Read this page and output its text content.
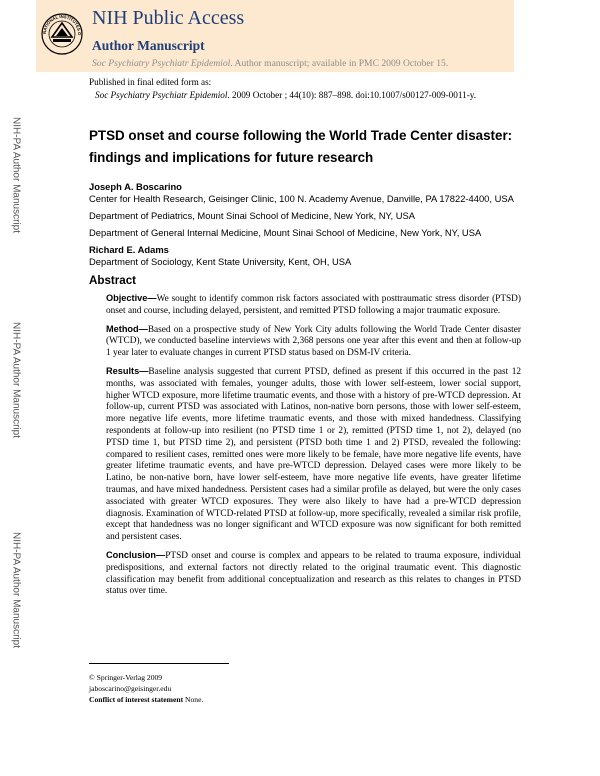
NATIONAL INSTITUTES O
NIH Public Access
Author Manuscript
Soc Psychiatry Psychiatr Epidemiol. Author manuscript; available in PMC 2009 October 15.
Published in final edited form as:
Soc Psychiatry Psychiatr Epidemiol. 2009 October ; 44(10): 887–898. doi:10.1007/s00127-009-0011-y.
NIH-PA Author Manuscript
NIH-PA Author Manuscript
NIH-PA Author Manuscript
PTSD onset and course following the World Trade Center disaster: findings and implications for future research

Joseph A. Boscarino

Center for Health Research, Geisinger Clinic, 100 N. Academy Avenue, Danville, PA 17822-4400, USA

Department of Pediatrics, Mount Sinai School of Medicine, New York, NY, USA

Department of General Internal Medicine, Mount Sinai School of Medicine, New York, NY, USA

Richard E. Adams

Department of Sociology, Kent State University, Kent, OH, USA

Abstract

Objective—We sought to identify common risk factors associated with posttraumatic stress disorder (PTSD) onset and course, including delayed, persistent, and remitted PTSD following a major traumatic exposure.

Method—Based on a prospective study of New York City adults following the World Trade Center disaster (WTCD), we conducted baseline interviews with 2,368 persons one year after this event and then at follow-up 1 year later to evaluate changes in current PTSD status based on DSM-IV criteria.

Results—Baseline analysis suggested that current PTSD, defined as present if this occurred in the past 12 months, was associated with females, younger adults, those with lower self-esteem, lower social support, higher WTCD exposure, more lifetime traumatic events, and those with a history of pre-WTCD depression. At follow-up, current PTSD was associated with Latinos, non-native born persons, those with lower self-esteem, more negative life events, more lifetime traumatic events, and those with mixed handedness. Classifying respondents at follow-up into resilient (no PTSD time 1 or 2), remitted (PTSD time 1, not 2), delayed (no PTSD time 1, but PTSD time 2), and persistent (PTSD both time 1 and 2) PTSD, revealed the following: compared to resilient cases, remitted ones were more likely to be female, have more negative life events, have greater lifetime traumatic events, and have pre-WTCD depression. Delayed cases were more likely to be Latino, be non-native born, have lower self-esteem, have more negative life events, have greater lifetime traumas, and have mixed handedness. Persistent cases had a similar profile as delayed, but were the only cases associated with greater WTCD exposures. They were also likely to have had a pre-WTCD depression diagnosis. Examination of WTCD-related PTSD at follow-up, more specifically, revealed a similar risk profile, except that handedness was no longer significant and WTCD exposure was now significant for both remitted and persistent cases.

Conclusion—PTSD onset and course is complex and appears to be related to trauma exposure, individual predispositions, and external factors not directly related to the original traumatic event. This diagnostic classification may benefit from additional conceptualization and research as this relates to changes in PTSD status over time.

© Springer-Verlag 2009
jaboscarino@geisinger.edu
Conflict of interest statement None.
